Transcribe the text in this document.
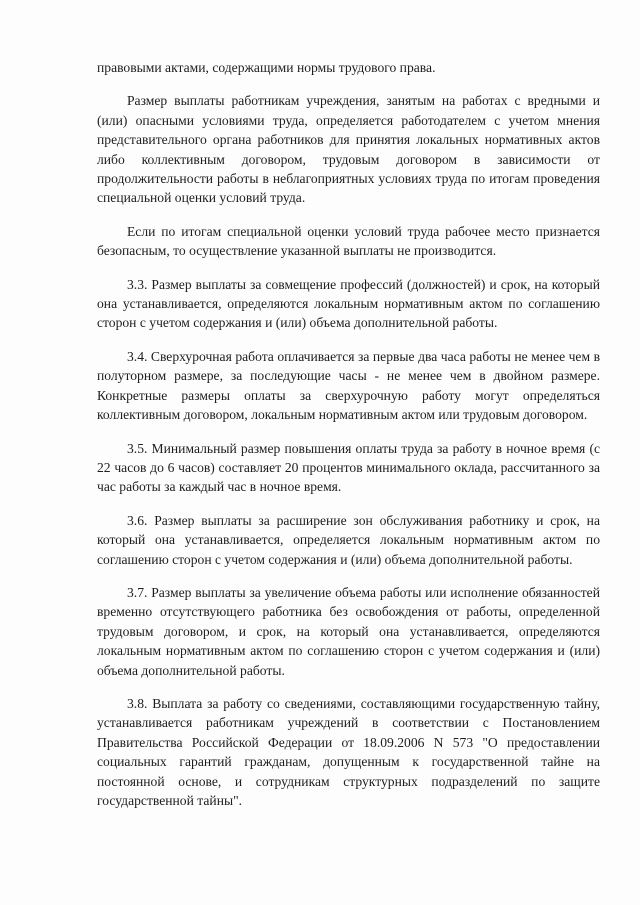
правовыми актами, содержащими нормы трудового права.

Размер выплаты работникам учреждения, занятым на работах с вредными и (или) опасными условиями труда, определяется работодателем с учетом мнения представительного органа работников для принятия локальных нормативных актов либо коллективным договором, трудовым договором в зависимости от продолжительности работы в неблагоприятных условиях труда по итогам проведения специальной оценки условий труда.

Если по итогам специальной оценки условий труда рабочее место признается безопасным, то осуществление указанной выплаты не производится.

3.3. Размер выплаты за совмещение профессий (должностей) и срок, на который она устанавливается, определяются локальным нормативным актом по соглашению сторон с учетом содержания и (или) объема дополнительной работы.

3.4. Сверхурочная работа оплачивается за первые два часа работы не менее чем в полуторном размере, за последующие часы - не менее чем в двойном размере. Конкретные размеры оплаты за сверхурочную работу могут определяться коллективным договором, локальным нормативным актом или трудовым договором.

3.5. Минимальный размер повышения оплаты труда за работу в ночное время (с 22 часов до 6 часов) составляет 20 процентов минимального оклада, рассчитанного за час работы за каждый час в ночное время.

3.6. Размер выплаты за расширение зон обслуживания работнику и срок, на который она устанавливается, определяется локальным нормативным актом по соглашению сторон с учетом содержания и (или) объема дополнительной работы.

3.7. Размер выплаты за увеличение объема работы или исполнение обязанностей временно отсутствующего работника без освобождения от работы, определенной трудовым договором, и срок, на который она устанавливается, определяются локальным нормативным актом по соглашению сторон с учетом содержания и (или) объема дополнительной работы.

3.8. Выплата за работу со сведениями, составляющими государственную тайну, устанавливается работникам учреждений в соответствии с Постановлением Правительства Российской Федерации от 18.09.2006 N 573 "О предоставлении социальных гарантий гражданам, допущенным к государственной тайне на постоянной основе, и сотрудникам структурных подразделений по защите государственной тайны".
